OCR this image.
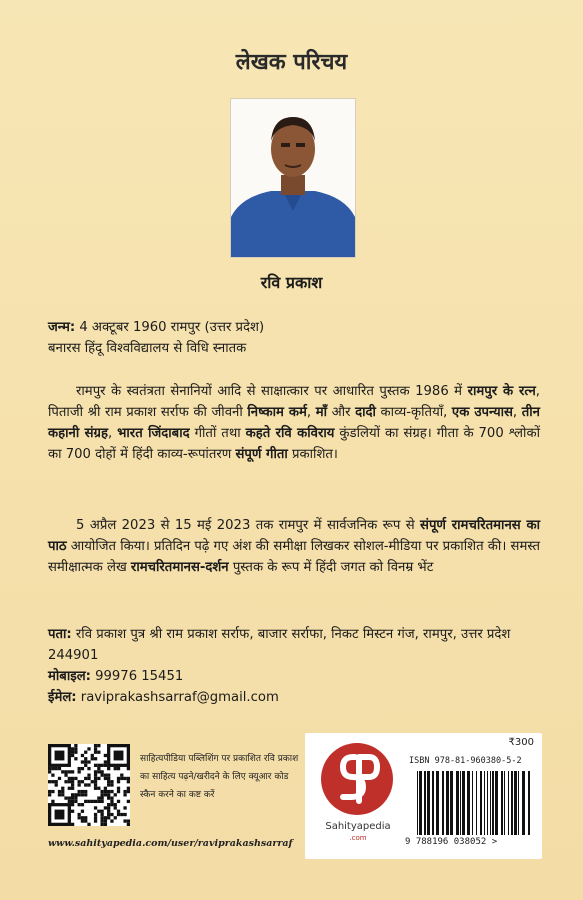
लेखक परिचय
रवि प्रकाश
जन्म: 4 अक्टूबर 1960 रामपुर (उत्तर प्रदेश)
बनारस हिंदू विश्वविद्यालय से विधि स्नातक
रामपुर के स्वतंत्रता सेनानियों आदि से साक्षात्कार पर आधारित पुस्तक 1986 में रामपुर के रत्न, पिताजी श्री राम प्रकाश सर्राफ की जीवनी निष्काम कर्म, माँ और दादी काव्य-कृतियाँ, एक उपन्यास, तीन कहानी संग्रह, भारत जिंदाबाद गीतों तथा कहते रवि कविराय कुंडलियों का संग्रह। गीता के 700 श्लोकों का 700 दोहों में हिंदी काव्य-रूपांतरण संपूर्ण गीता प्रकाशित।
5 अप्रैल 2023 से 15 मई 2023 तक रामपुर में सार्वजनिक रूप से संपूर्ण रामचरितमानस का पाठ आयोजित किया। प्रतिदिन पढ़े गए अंश की समीक्षा लिखकर सोशल-मीडिया पर प्रकाशित की। समस्त समीक्षात्मक लेख रामचरितमानस-दर्शन पुस्तक के रूप में हिंदी जगत को विनम्र भेंट
पता: रवि प्रकाश पुत्र श्री राम प्रकाश सर्राफ, बाजार सर्राफा, निकट मिस्टन गंज, रामपुर, उत्तर प्रदेश 244901
मोबाइल: 99976 15451
ईमेल: raviprakashsarraf@gmail.com
साहित्यपीडिया पब्लिशिंग पर प्रकाशित रवि प्रकाश का साहित्य पढ़ने/खरीदने के लिए क्यूआर कोड स्कैन करने का कष्ट करें
www.sahityapedia.com/user/raviprakashsarraf
₹300
Sahityapedia
.com
ISBN 978-81-960380-5-2
9 788196 038052 >
